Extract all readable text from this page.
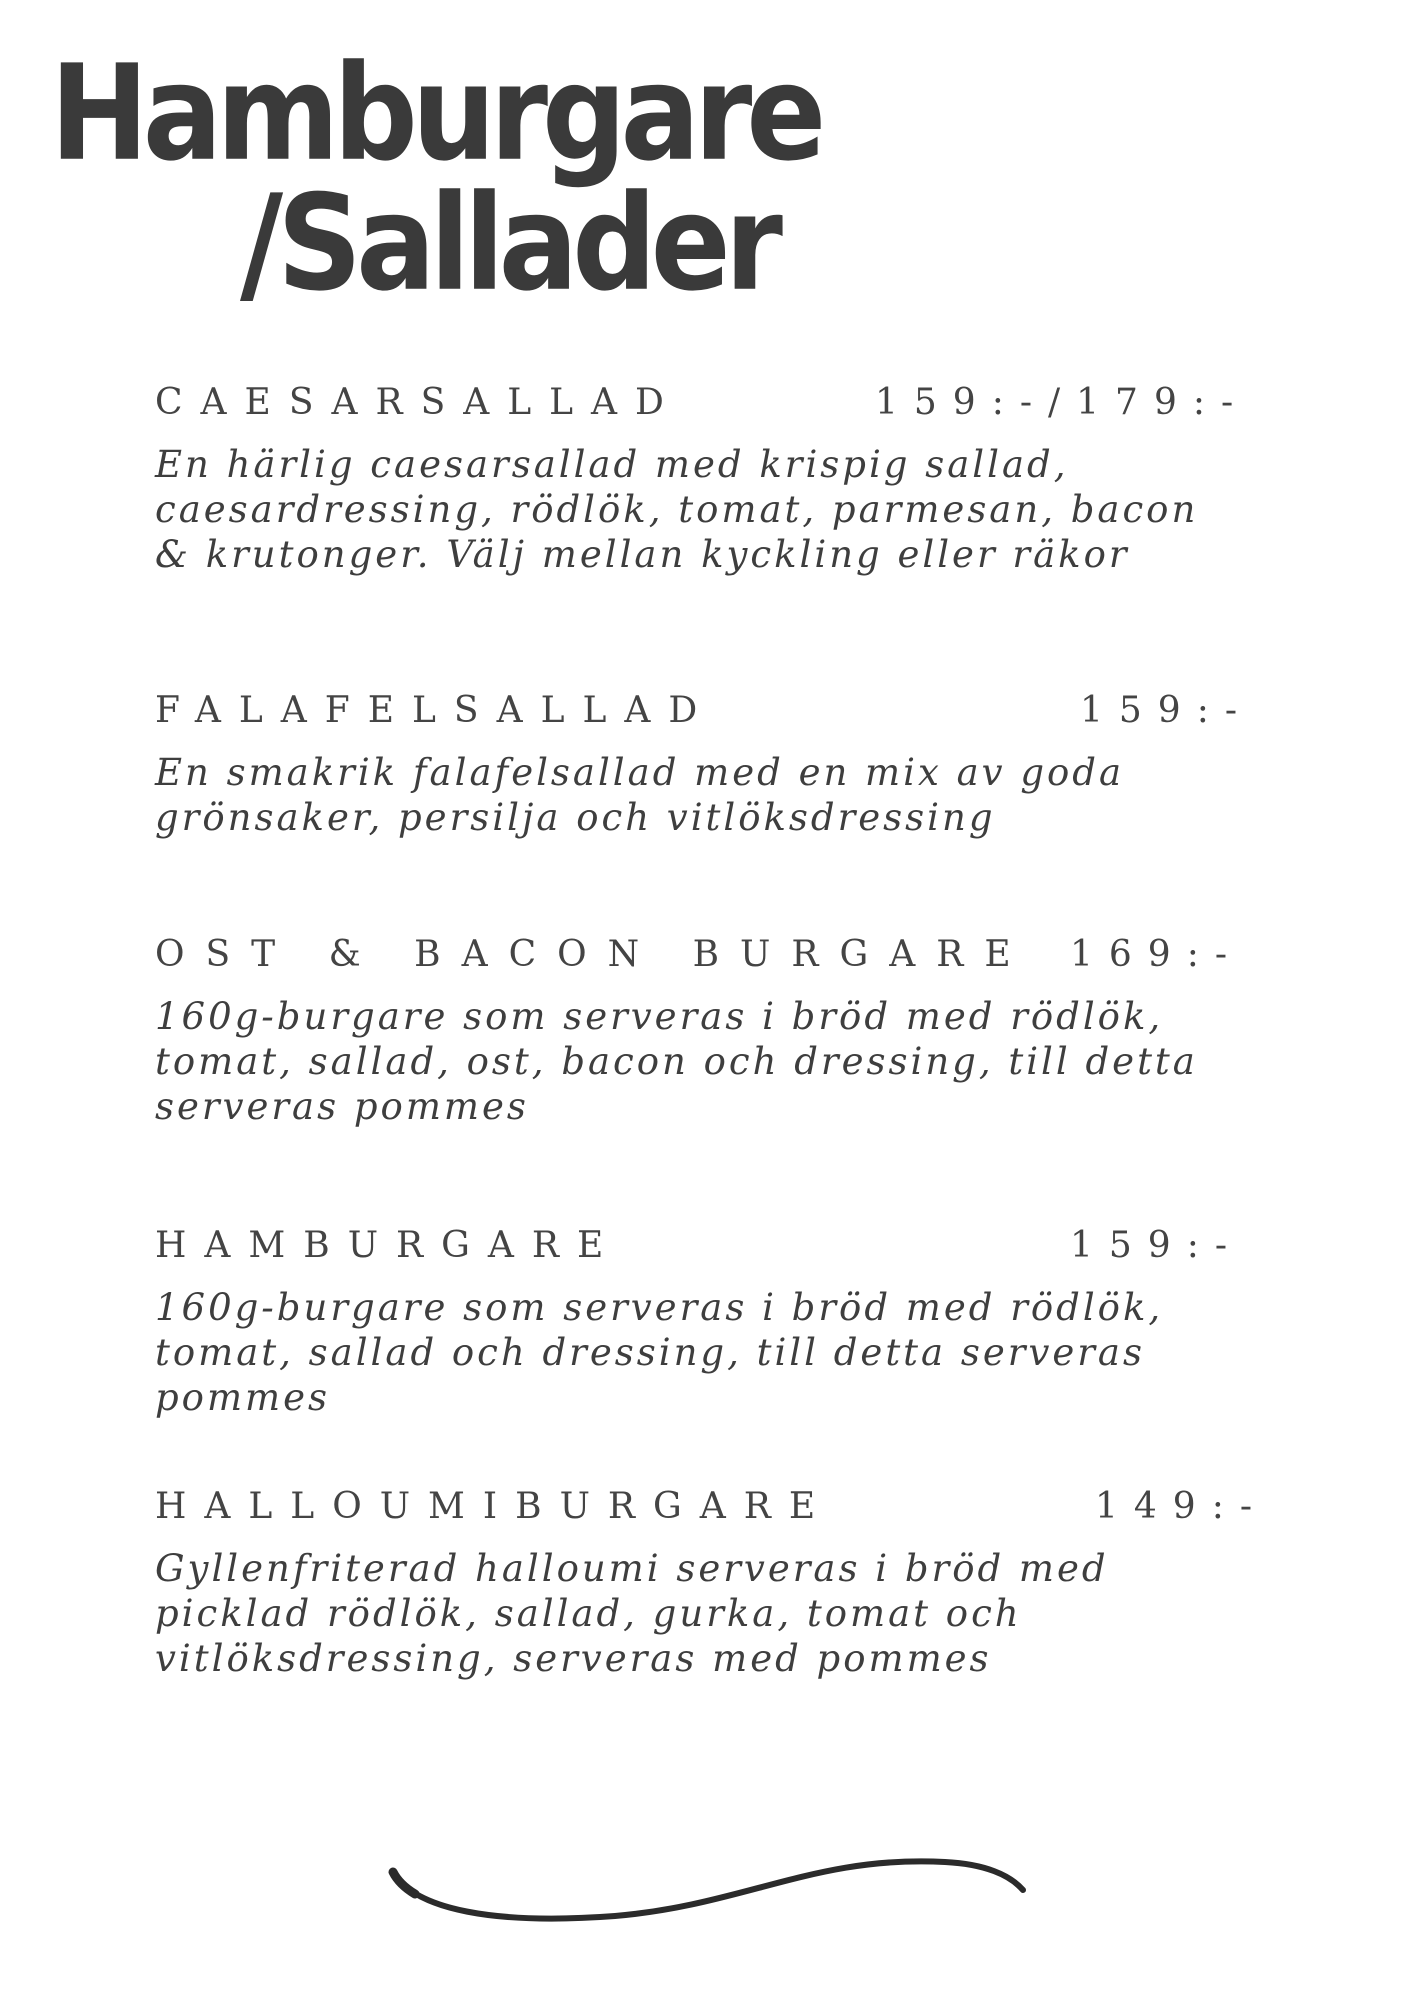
Hamburgare
/Sallader
CAESARSALLAD	159:-/179:-

En härlig caesarsallad med krispig sallad, caesardressing, rödlök, tomat, parmesan, bacon & krutonger. Välj mellan kyckling eller räkor

FALAFELSALLAD	159:-

En smakrik falafelsallad med en mix av goda grönsaker, persilja och vitlöksdressing

OST & BACON BURGARE 169:-

160g-burgare som serveras i bröd med rödlök, tomat, sallad, ost, bacon och dressing, till detta serveras pommes

HAMBURGARE	159:-

160g-burgare som serveras i bröd med rödlök, tomat, sallad och dressing, till detta serveras pommes

HALLOUMIBURGARE	149:-

Gyllenfriterad halloumi serveras i bröd med picklad rödlök, sallad, gurka, tomat och vitlöksdressing, serveras med pommes
